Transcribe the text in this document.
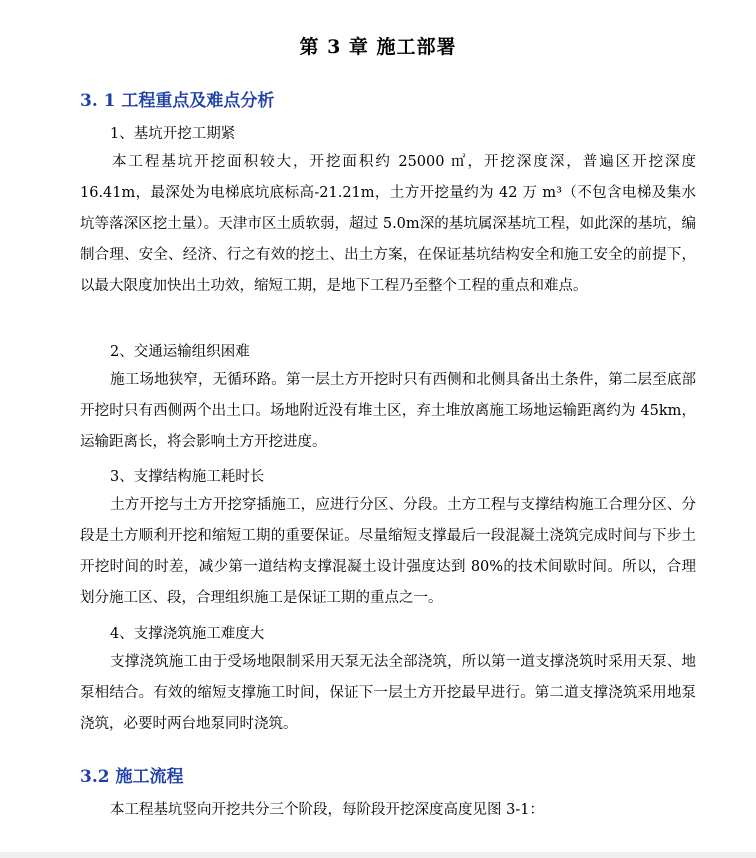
第 3 章 施工部署
3. 1 工程重点及难点分析
1、基坑开挖工期紧
本工程基坑开挖面积较大，开挖面积约 25000 ㎡，开挖深度深，普遍区开挖深度 16.41m，最深处为电梯底坑底标高-21.21m，土方开挖量约为 42 万 m³（不包含电梯及集水坑等落深区挖土量）。天津市区土质软弱，超过 5.0m深的基坑属深基坑工程，如此深的基坑，编制合理、安全、经济、行之有效的挖土、出土方案，在保证基坑结构安全和施工安全的前提下，以最大限度加快出土功效，缩短工期，是地下工程乃至整个工程的重点和难点。
2、交通运输组织困难
施工场地狭窄，无循环路。第一层土方开挖时只有西侧和北侧具备出土条件，第二层至底部开挖时只有西侧两个出土口。场地附近没有堆土区，弃土堆放离施工场地运输距离约为 45km，运输距离长，将会影响土方开挖进度。
3、支撑结构施工耗时长
土方开挖与土方开挖穿插施工，应进行分区、分段。土方工程与支撑结构施工合理分区、分段是土方顺利开挖和缩短工期的重要保证。尽量缩短支撑最后一段混凝土浇筑完成时间与下步土开挖时间的时差，减少第一道结构支撑混凝土设计强度达到 80%的技术间歇时间。所以，合理划分施工区、段，合理组织施工是保证工期的重点之一。
4、支撑浇筑施工难度大
支撑浇筑施工由于受场地限制采用天泵无法全部浇筑，所以第一道支撑浇筑时采用天泵、地泵相结合。有效的缩短支撑施工时间，保证下一层土方开挖最早进行。第二道支撑浇筑采用地泵浇筑，必要时两台地泵同时浇筑。
3.2 施工流程
本工程基坑竖向开挖共分三个阶段，每阶段开挖深度高度见图 3-1：
